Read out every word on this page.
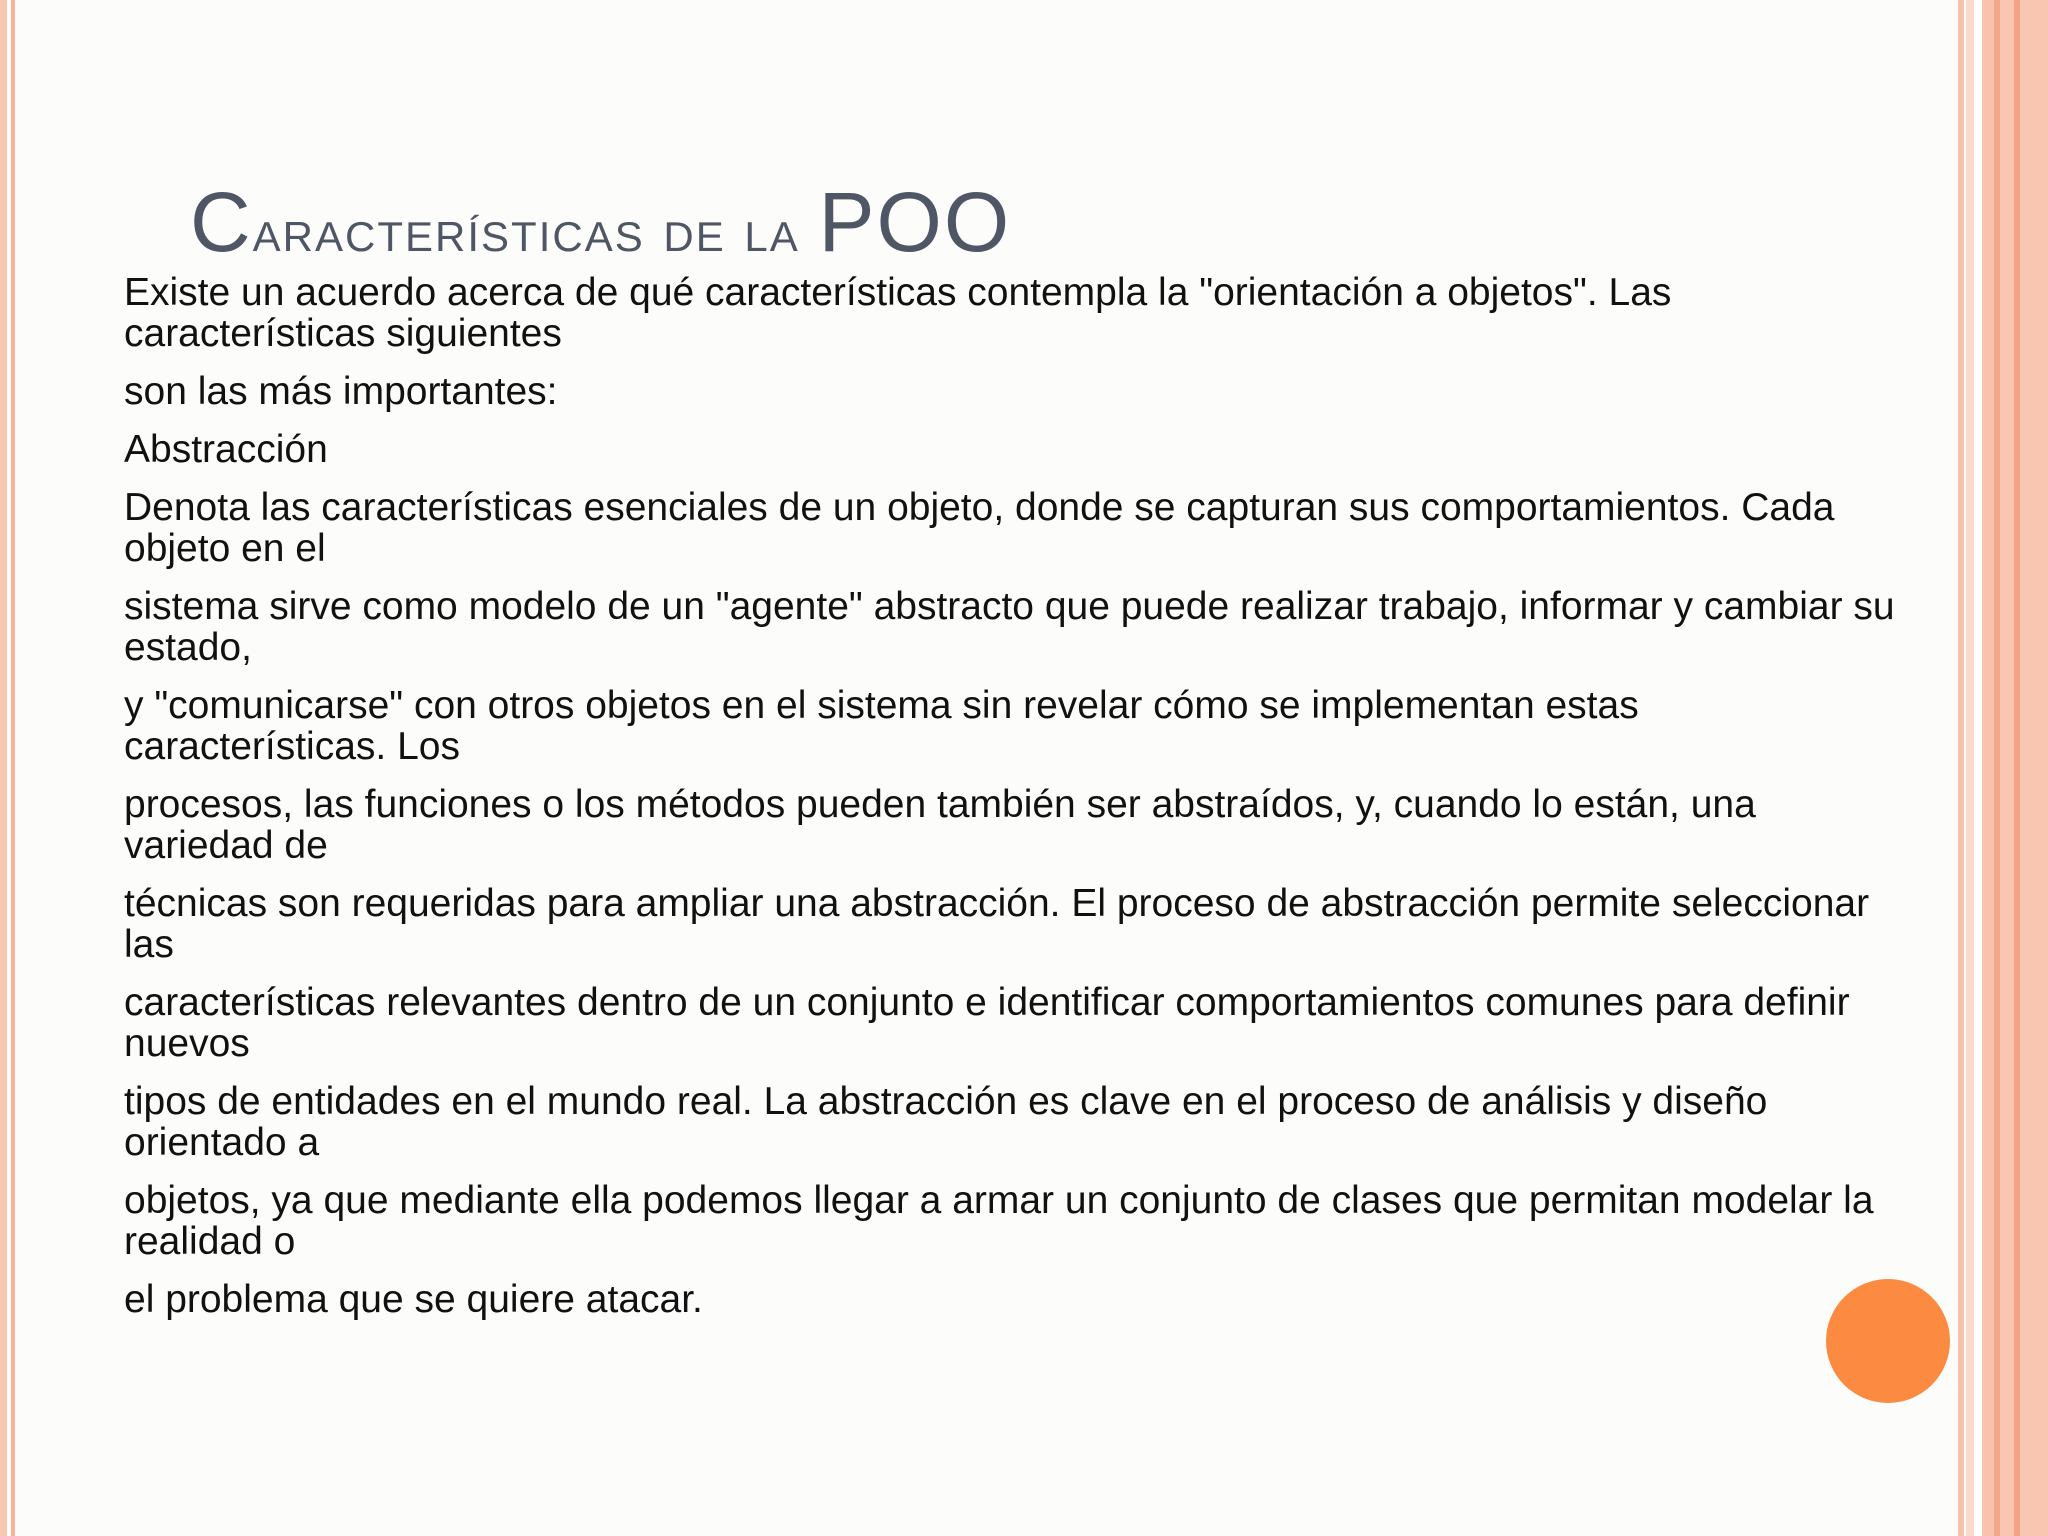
Características de la POO

Existe un acuerdo acerca de qué características contempla la "orientación a objetos". Las características siguientes

son las más importantes:

Abstracción

Denota las características esenciales de un objeto, donde se capturan sus comportamientos. Cada objeto en el

sistema sirve como modelo de un "agente" abstracto que puede realizar trabajo, informar y cambiar su estado,

y "comunicarse" con otros objetos en el sistema sin revelar cómo se implementan estas características. Los

procesos, las funciones o los métodos pueden también ser abstraídos, y, cuando lo están, una variedad de

técnicas son requeridas para ampliar una abstracción. El proceso de abstracción permite seleccionar las

características relevantes dentro de un conjunto e identificar comportamientos comunes para definir nuevos

tipos de entidades en el mundo real. La abstracción es clave en el proceso de análisis y diseño orientado a

objetos, ya que mediante ella podemos llegar a armar un conjunto de clases que permitan modelar la realidad o

el problema que se quiere atacar.
